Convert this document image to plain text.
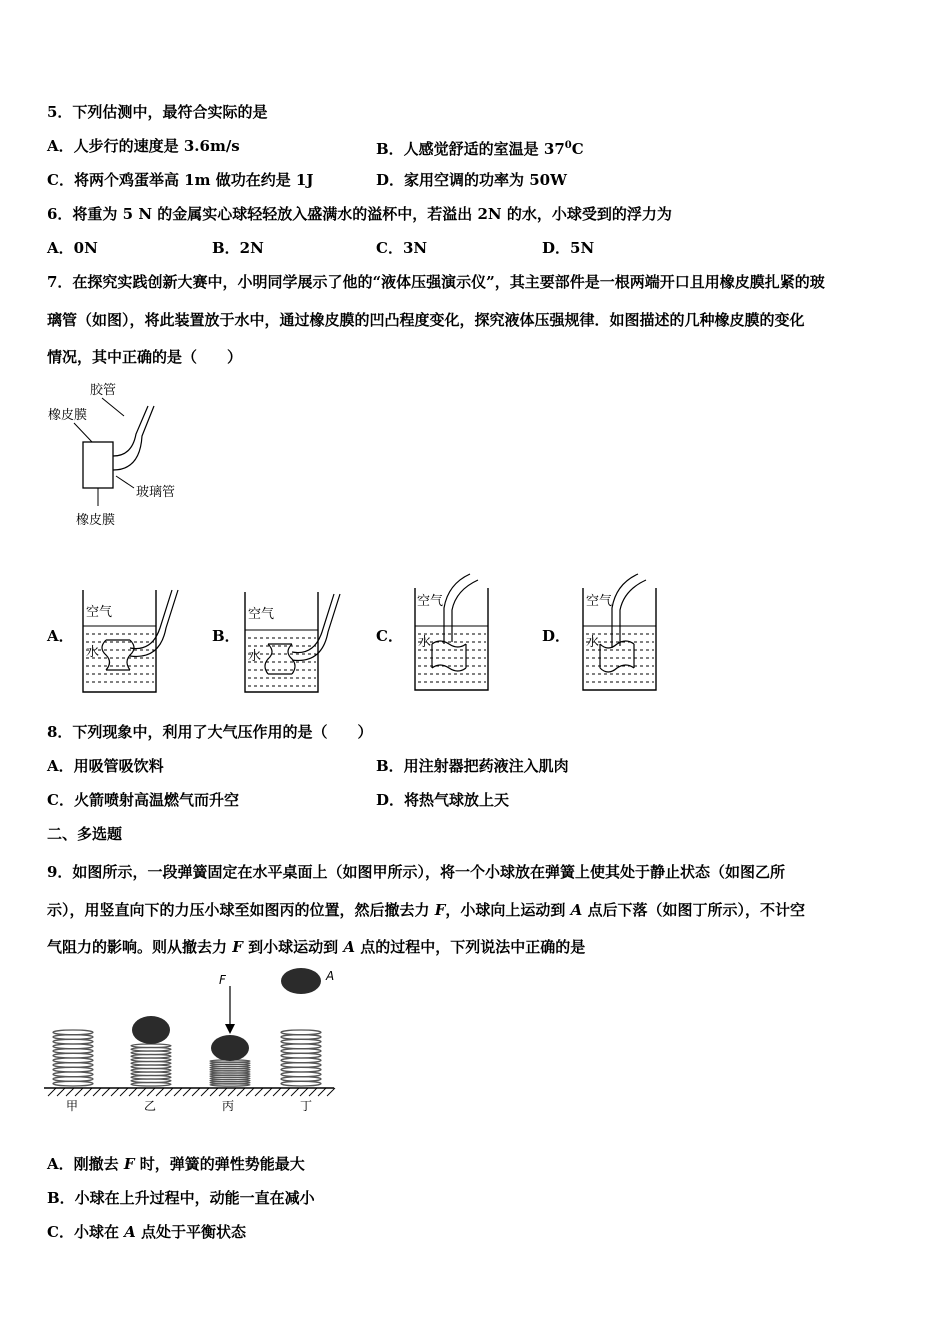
5．下列估测中，最符合实际的是
A．人步行的速度是 3.6m/s	B．人感觉舒适的室温是 $37^0C$
C．将两个鸡蛋举高 1m 做功在约是 1J	D．家用空调的功率为 50W
6．将重为 5 N 的金属实心球轻轻放入盛满水的溢杯中，若溢出 2N 的水，小球受到的浮力为
A．0N	B．2N	C．3N	D．5N
7．在探究实践创新大赛中，小明同学展示了他的“液体压强演示仪”，其主要部件是一根两端开口且用橡皮膜扎紧的玻
璃管（如图），将此装置放于水中，通过橡皮膜的凹凸程度变化，探究液体压强规律．如图描述的几种橡皮膜的变化
情况，其中正确的是（　　）
胶管
橡皮膜
玻璃管
橡皮膜
A．	B．	C．	D．
空气
水
空气
水
空气
水
空气
水
8．下列现象中，利用了大气压作用的是（　　）
A．用吸管吸饮料	B．用注射器把药液注入肌肉
C．火箭喷射高温燃气而升空	D．将热气球放上天
二、多选题
9．如图所示，一段弹簧固定在水平桌面上（如图甲所示），将一个小球放在弹簧上使其处于静止状态（如图乙所
示），用竖直向下的力压小球至如图丙的位置，然后撤去力 F，小球向上运动到 A 点后下落（如图丁所示），不计空
气阻力的影响。则从撤去力 F 到小球运动到 A 点的过程中，下列说法中正确的是
F	A
甲	乙	丙	丁
A．刚撤去 F 时，弹簧的弹性势能最大
B．小球在上升过程中，动能一直在减小
C．小球在 A 点处于平衡状态
